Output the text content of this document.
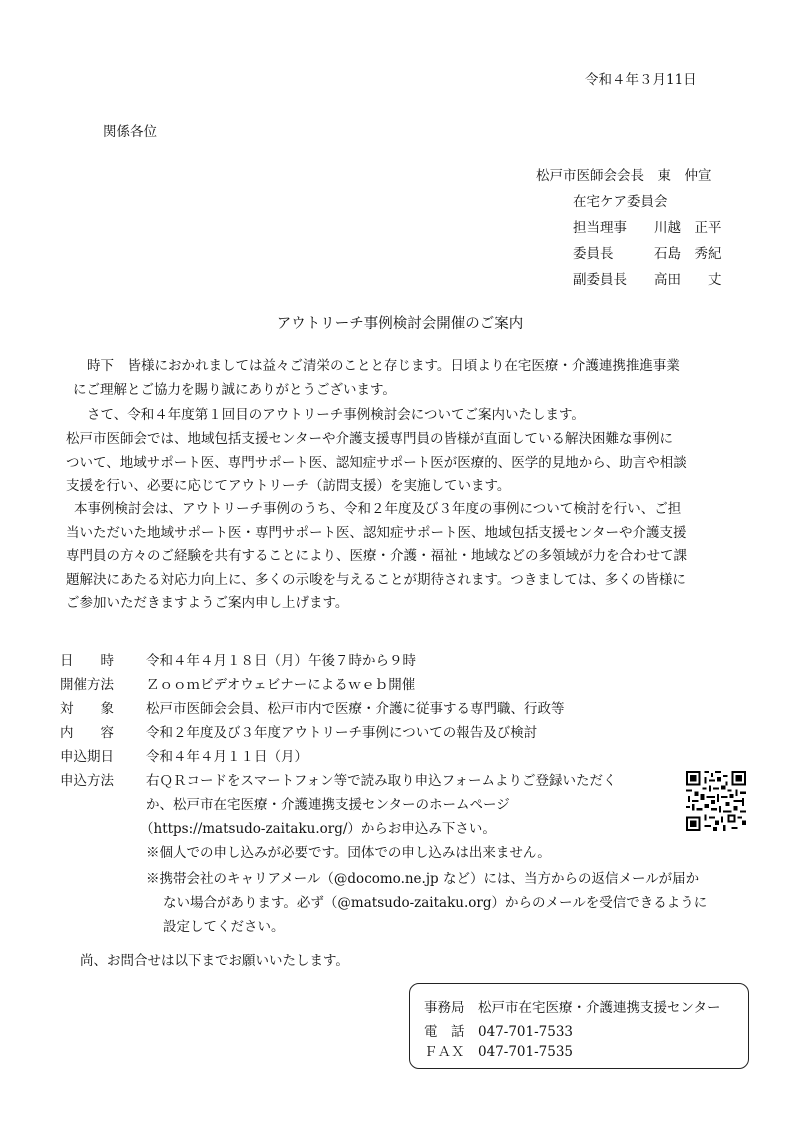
令和４年３月11日
関係各位
松戸市医師会会長　東　仲宣
在宅ケア委員会
担当理事　　川越　正平
委員長　　　石島　秀紀
副委員長　　高田　　丈
アウトリーチ事例検討会開催のご案内
時下　皆様におかれましては益々ご清栄のことと存じます。日頃より在宅医療・介護連携推進事業
にご理解とご協力を賜り誠にありがとうございます。
さて、令和４年度第１回目のアウトリーチ事例検討会についてご案内いたします。
松戸市医師会では、地域包括支援センターや介護支援専門員の皆様が直面している解決困難な事例に
ついて、地域サポート医、専門サポート医、認知症サポート医が医療的、医学的見地から、助言や相談
支援を行い、必要に応じてアウトリーチ（訪問支援）を実施しています。
本事例検討会は、アウトリーチ事例のうち、令和２年度及び３年度の事例について検討を行い、ご担
当いただいた地域サポート医・専門サポート医、認知症サポート医、地域包括支援センターや介護支援
専門員の方々のご経験を共有することにより、医療・介護・福祉・地域などの多領域が力を合わせて課
題解決にあたる対応力向上に、多くの示唆を与えることが期待されます。つきましては、多くの皆様に
ご参加いただきますようご案内申し上げます。
日　　時	令和４年４月１８日（月）午後７時から９時
開催方法	Ｚｏｏｍビデオウェビナーによるｗｅｂ開催
対　　象	松戸市医師会会員、松戸市内で医療・介護に従事する専門職、行政等
内　　容	令和２年度及び３年度アウトリーチ事例についての報告及び検討
申込期日	令和４年４月１１日（月）
申込方法	右ＱＲコードをスマートフォン等で読み取り申込フォームよりご登録いただく
か、松戸市在宅医療・介護連携支援センターのホームページ
（https://matsudo-zaitaku.org/）からお申込み下さい。
※個人での申し込みが必要です。団体での申し込みは出来ません。
※携帯会社のキャリアメール（@docomo.ne.jp など）には、当方からの返信メールが届か
ない場合があります。必ず（@matsudo-zaitaku.org）からのメールを受信できるように
設定してください。
尚、お問合せは以下までお願いいたします。
事務局　松戸市在宅医療・介護連携支援センター
電　話　047-701-7533
ＦＡＸ　047-701-7535
